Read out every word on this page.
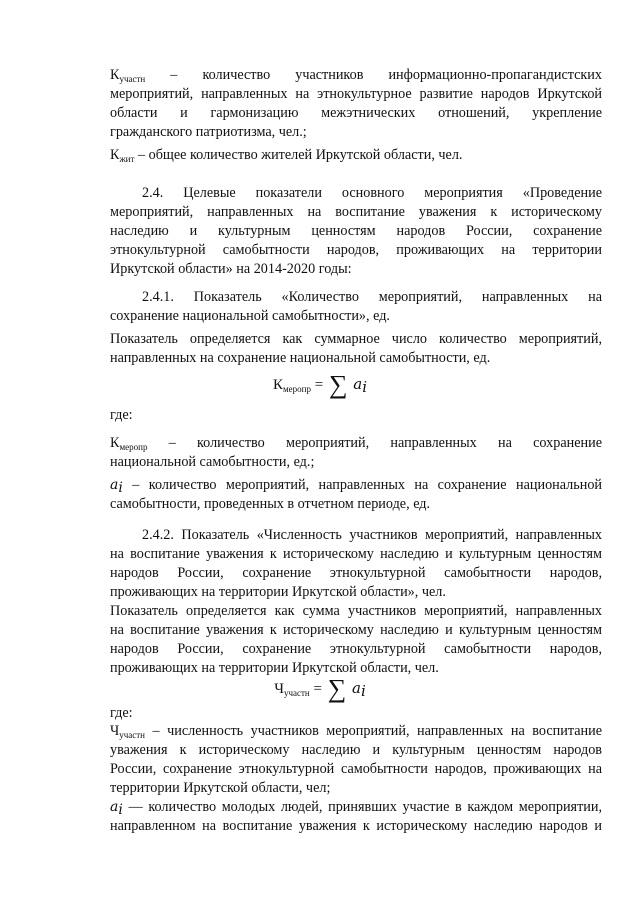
$К_{участн}$ – количество участников информационно-пропагандистских
мероприятий, направленных на этнокультурное развитие народов Иркутской
области и гармонизацию межэтнических отношений, укрепление
гражданского патриотизма, чел.;
$К_{жит}$ – общее количество жителей Иркутской области, чел.
2.4. Целевые показатели основного мероприятия «Проведение
мероприятий, направленных на воспитание уважения к историческому
наследию и культурным ценностям народов России, сохранение
этнокультурной самобытности народов, проживающих на территории
Иркутской области» на 2014-2020 годы:
2.4.1. Показатель «Количество мероприятий, направленных на
сохранение национальной самобытности», ед.
Показатель определяется как суммарное число количество мероприятий,
направленных на сохранение национальной самобытности, ед.
$К_{меропр}$ = ∑ $a_i$
где:
$К_{меропр}$ – количество мероприятий, направленных на сохранение
национальной самобытности, ед.;
$a_i$ – количество мероприятий, направленных на сохранение национальной
самобытности, проведенных в отчетном периоде, ед.
2.4.2. Показатель «Численность участников мероприятий, направленных
на воспитание уважения к историческому наследию и культурным ценностям
народов России, сохранение этнокультурной самобытности народов,
проживающих на территории Иркутской области», чел.
Показатель определяется как сумма участников мероприятий, направленных
на воспитание уважения к историческому наследию и культурным ценностям
народов России, сохранение этнокультурной самобытности народов,
проживающих на территории Иркутской области, чел.
$Ч_{участн}$ = ∑ $a_i$
где:
$Ч_{участн}$ – численность участников мероприятий, направленных на воспитание
уважения к историческому наследию и культурным ценностям народов
России, сохранение этнокультурной самобытности народов, проживающих на
территории Иркутской области, чел;
$a_i$ — количество молодых людей, принявших участие в каждом мероприятии,
направленном на воспитание уважения к историческому наследию народов и
